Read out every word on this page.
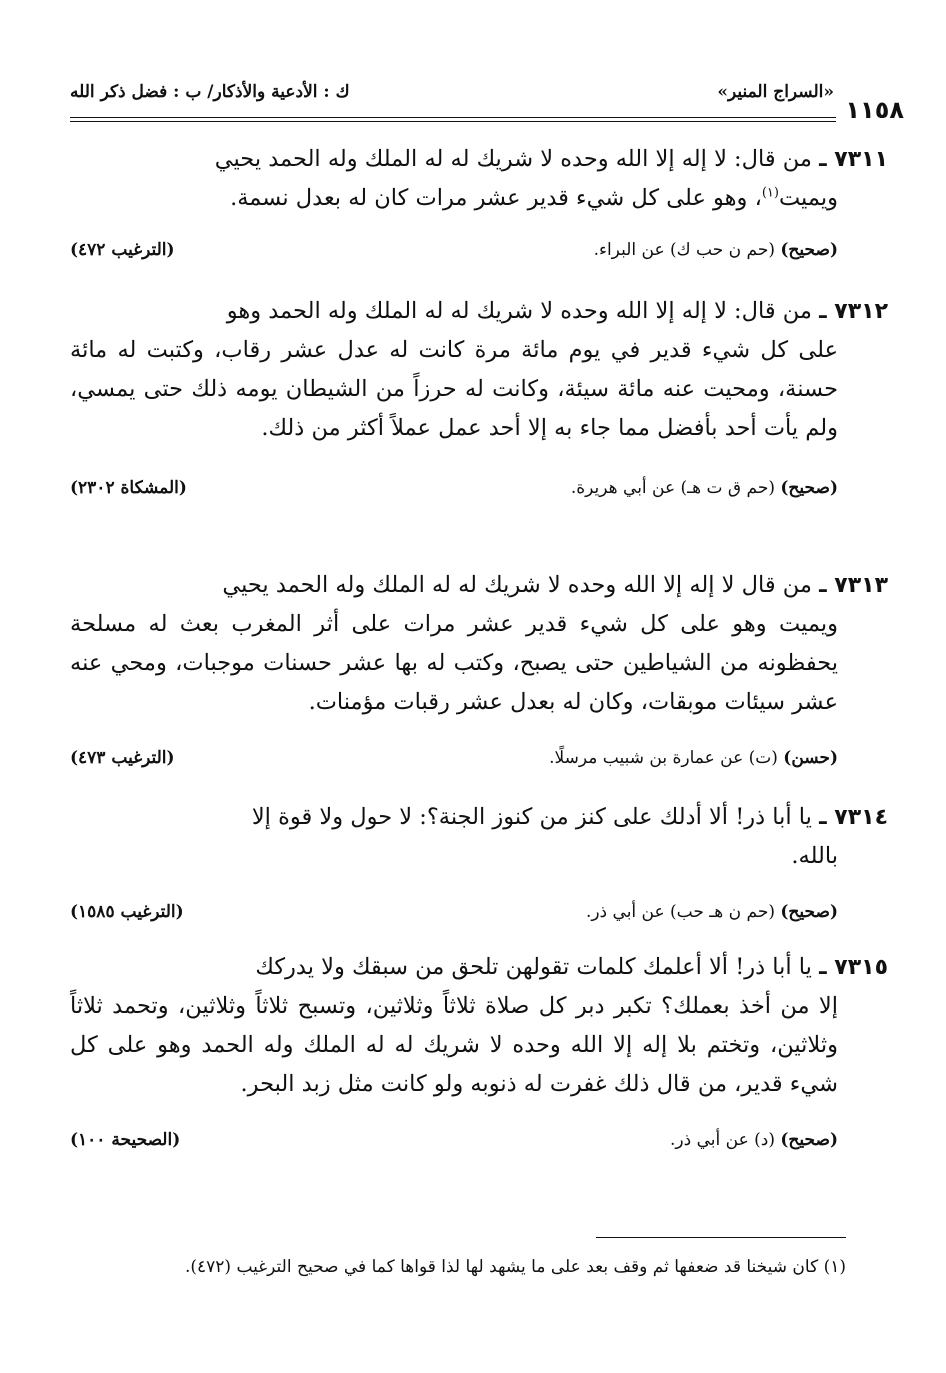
١١٥٨
«السراج المنير»
ك : الأدعية والأذكار/ ب : فضل ذكر الله
٧٣١١ ـ من قال: لا إله إلا الله وحده لا شريك له له الملك وله الحمد يحيي
ويميت$^{(١)}$، وهو على كل شيء قدير عشر مرات كان له بعدل نسمة.
(صحيح) (حم ن حب ك) عن البراء.
(الترغيب ٤٧٢)
٧٣١٢ ـ من قال: لا إله إلا الله وحده لا شريك له له الملك وله الحمد وهو
على كل شيء قدير في يوم مائة مرة كانت له عدل عشر رقاب، وكتبت له مائة حسنة، ومحيت عنه مائة سيئة، وكانت له حرزاً من الشيطان يومه ذلك حتى يمسي، ولم يأت أحد بأفضل مما جاء به إلا أحد عمل عملاً أكثر من ذلك.
(صحيح) (حم ق ت هـ) عن أبي هريرة.
(المشكاة ٢٣٠٢)
٧٣١٣ ـ من قال لا إله إلا الله وحده لا شريك له له الملك وله الحمد يحيي
ويميت وهو على كل شيء قدير عشر مرات على أثر المغرب بعث له مسلحة يحفظونه من الشياطين حتى يصبح، وكتب له بها عشر حسنات موجبات، ومحي عنه عشر سيئات موبقات، وكان له بعدل عشر رقبات مؤمنات.
(حسن) (ت) عن عمارة بن شبيب مرسلًا.
(الترغيب ٤٧٣)
٧٣١٤ ـ يا أبا ذر! ألا أدلك على كنز من كنوز الجنة؟: لا حول ولا قوة إلا
بالله.
(صحيح) (حم ن هـ حب) عن أبي ذر.
(الترغيب ١٥٨٥)
٧٣١٥ ـ يا أبا ذر! ألا أعلمك كلمات تقولهن تلحق من سبقك ولا يدركك
إلا من أخذ بعملك؟ تكبر دبر كل صلاة ثلاثاً وثلاثين، وتسبح ثلاثاً وثلاثين، وتحمد ثلاثاً وثلاثين، وتختم بلا إله إلا الله وحده لا شريك له له الملك وله الحمد وهو على كل شيء قدير، من قال ذلك غفرت له ذنوبه ولو كانت مثل زبد البحر.
(صحيح) (د) عن أبي ذر.
(الصحيحة ١٠٠)
(١) كان شيخنا قد ضعفها ثم وقف بعد على ما يشهد لها لذا قواها كما في صحيح الترغيب (٤٧٢).
